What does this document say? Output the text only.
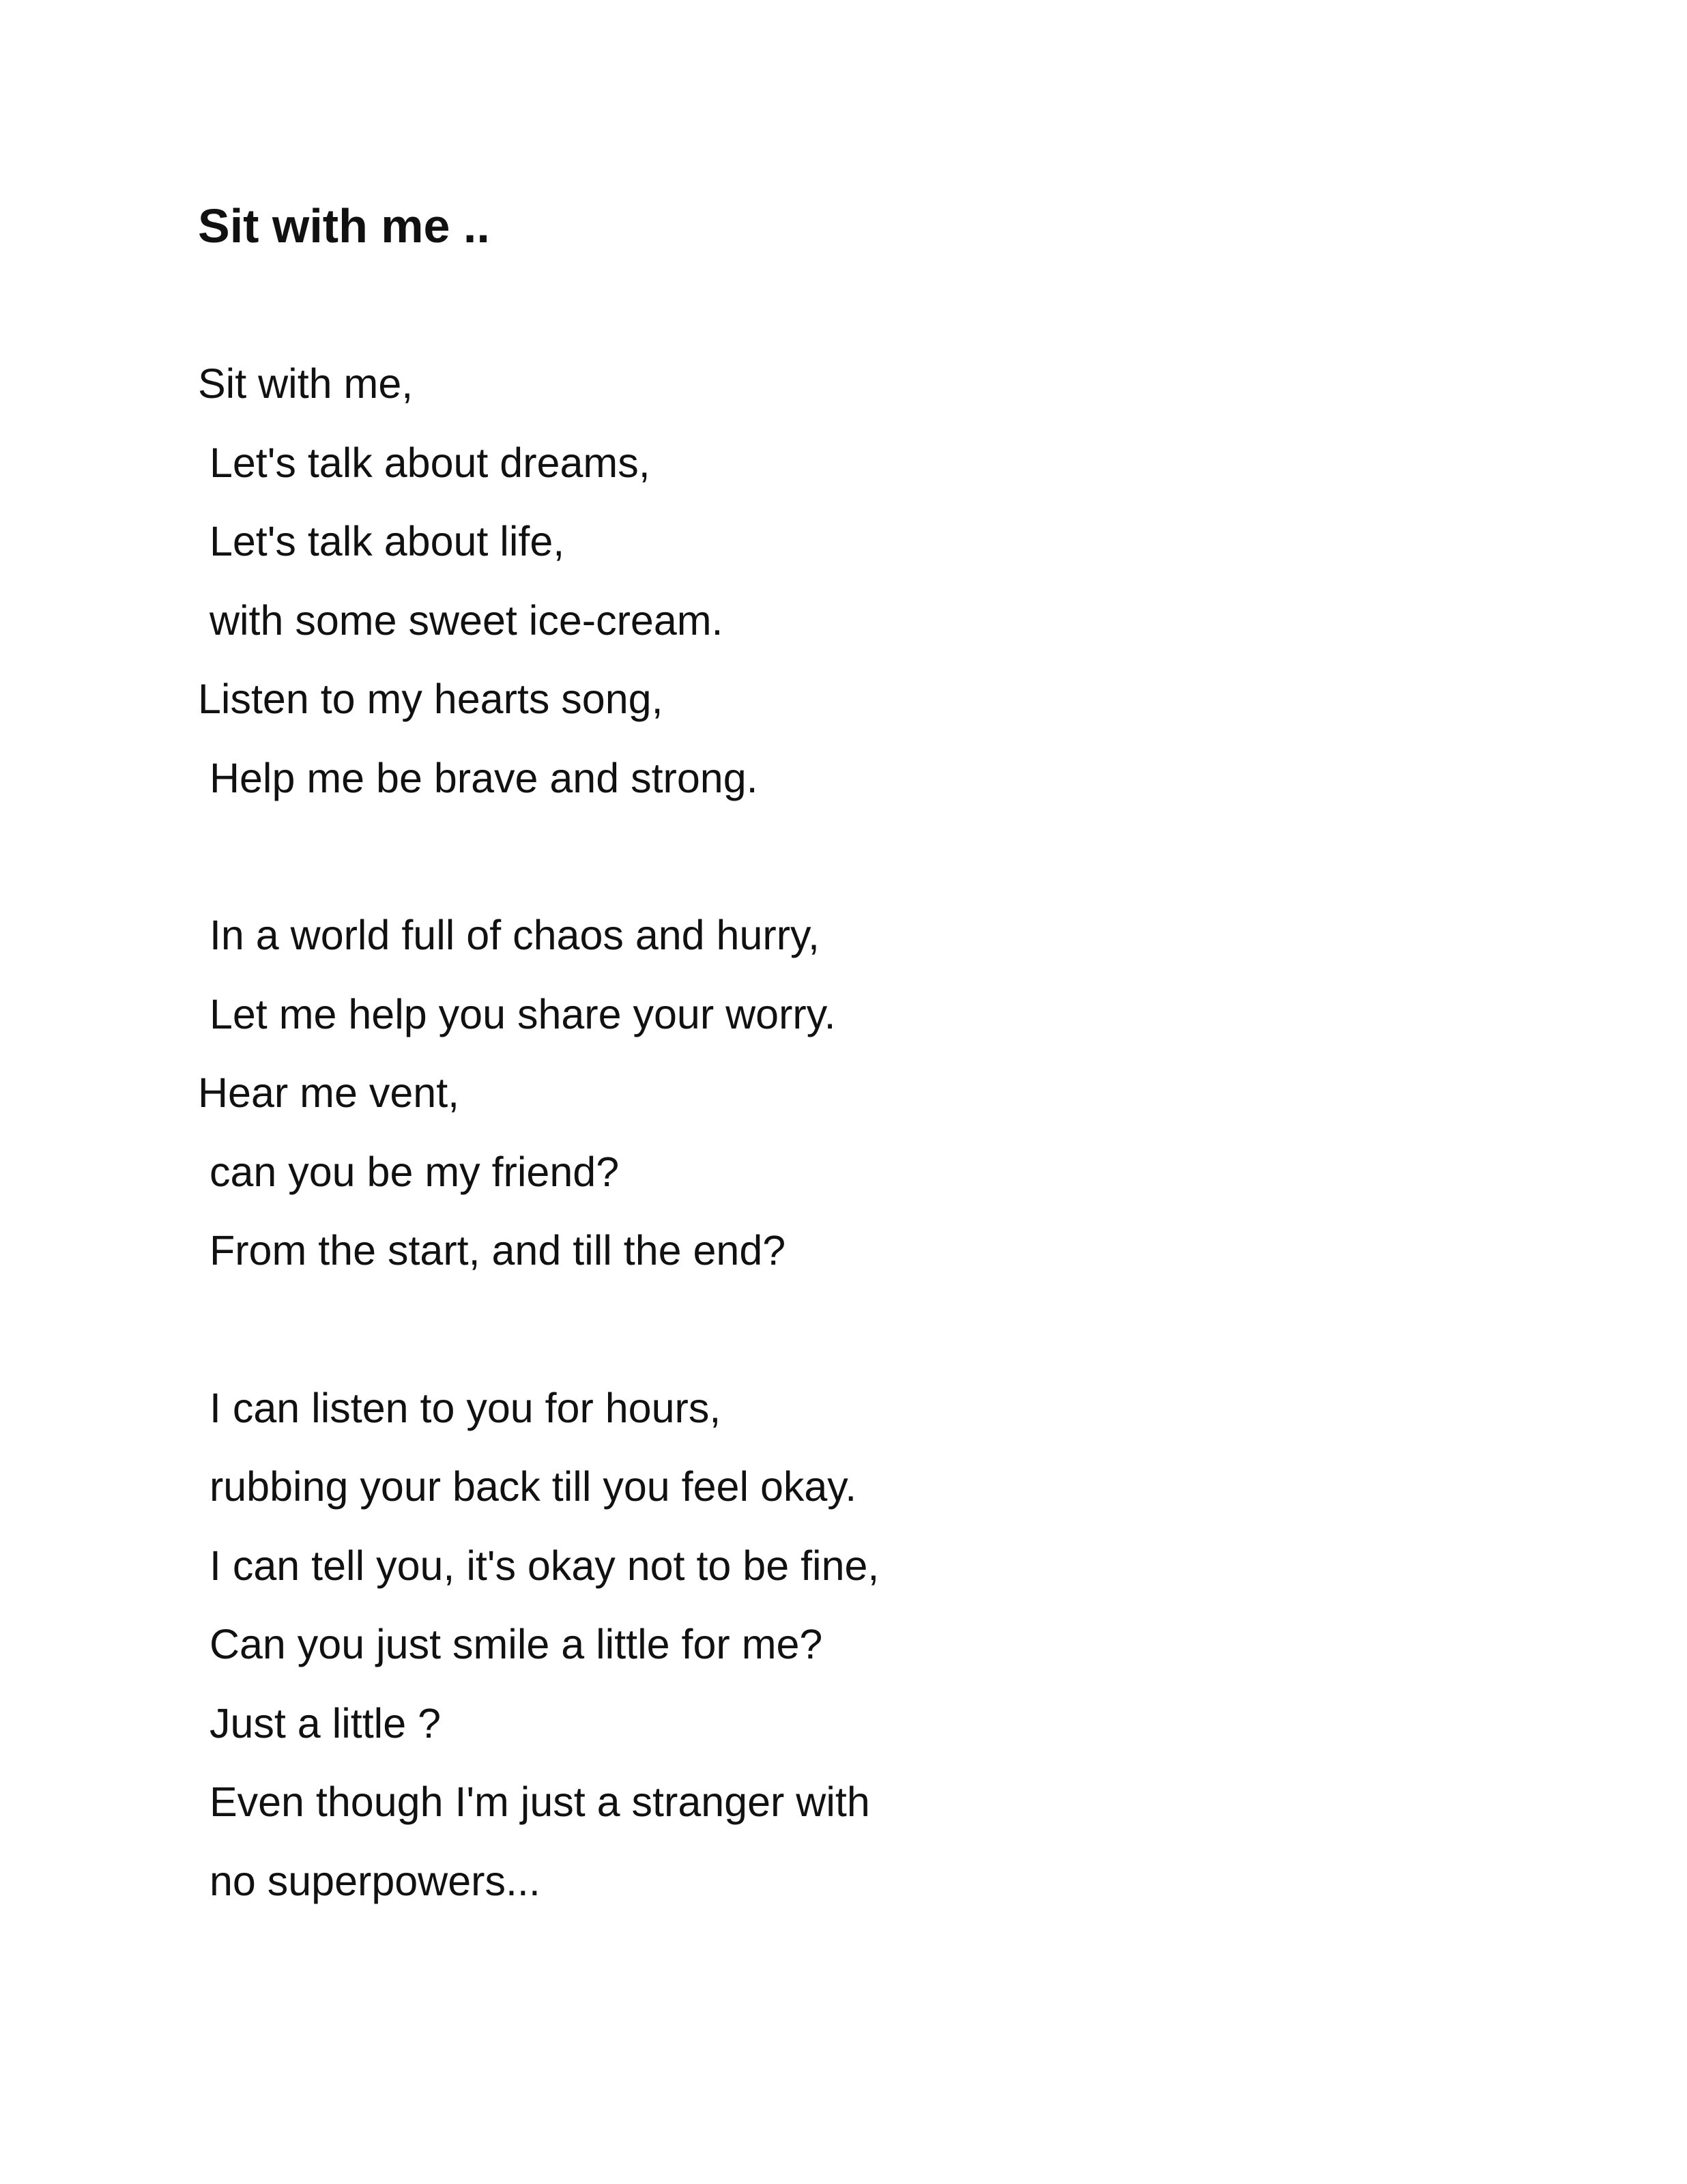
Sit with me ..
Sit with me,
Let's talk about dreams,
Let's talk about life,
with some sweet ice-cream.
Listen to my hearts song,
Help me be brave and strong.
In a world full of chaos and hurry,
Let me help you share your worry.
Hear me vent,
can you be my friend?
From the start, and till the end?
I can listen to you for hours,
rubbing your back till you feel okay.
I can tell you, it's okay not to be fine,
Can you just smile a little for me?
Just a little ?
Even though I'm just a stranger with
no superpowers...
